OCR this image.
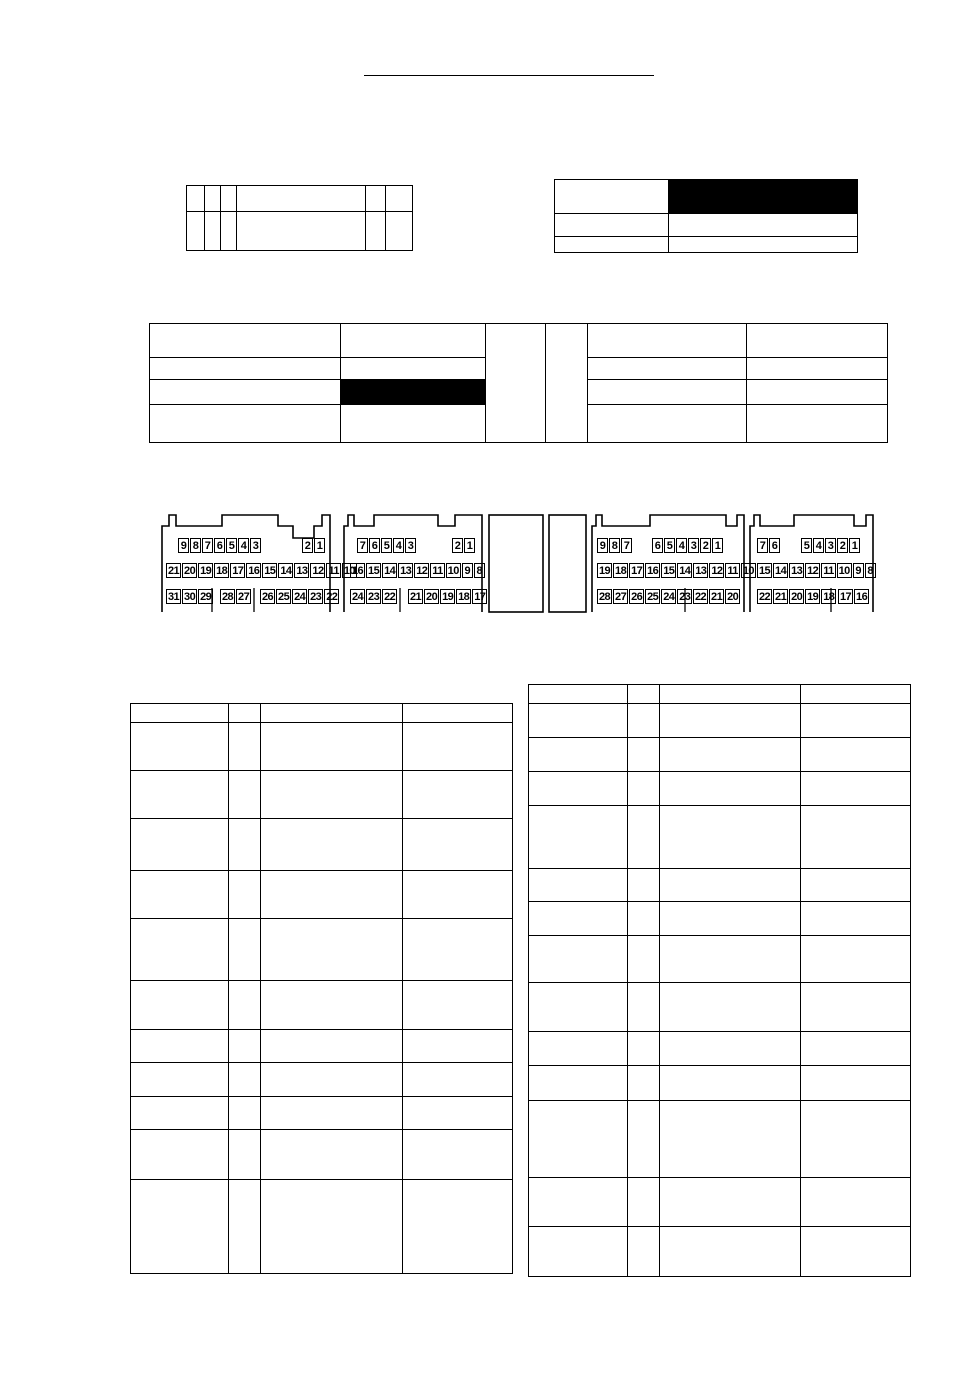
9 8 7 6 5 4 3	2 1
21 20 19 18 17 16 15 14 13 12 11 10
31 30 29 28 27 26 25 24 23 22
7 6 5 4 3	2 1
16 15 14 13 12 11 10 9 8
24 23 22 21 20 19 18 17
9 8 7 6 5 4 3 2 1
19 18 17 16 15 14 13 12 11 10
28 27 26 25 24 23 22 21 20
7 6 5 4 3 2 1
15 14 13 12 11 10 9 8
22 21 20 19 18 17 16
